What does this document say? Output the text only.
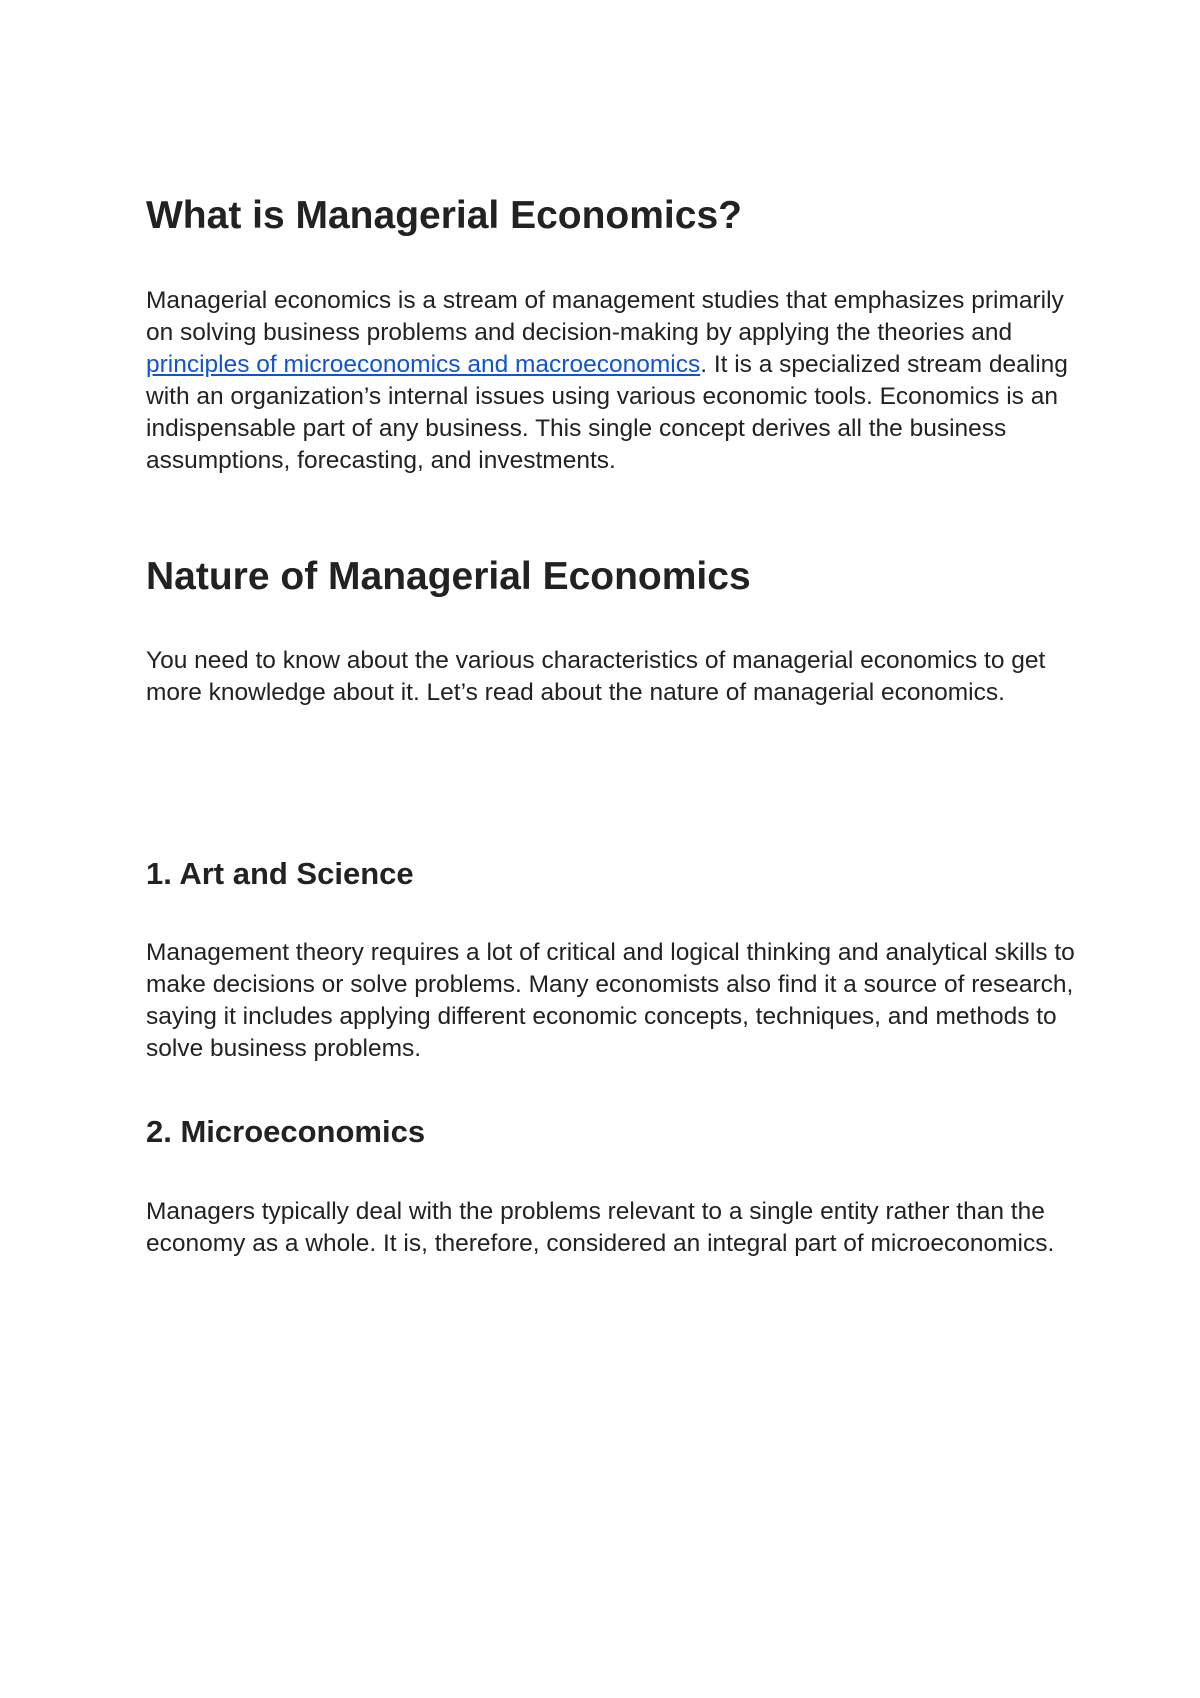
What is Managerial Economics?

Managerial economics is a stream of management studies that emphasizes primarily on solving business problems and decision-making by applying the theories and principles of microeconomics and macroeconomics. It is a specialized stream dealing with an organization’s internal issues using various economic tools. Economics is an indispensable part of any business. This single concept derives all the business assumptions, forecasting, and investments.

Nature of Managerial Economics

You need to know about the various characteristics of managerial economics to get more knowledge about it. Let’s read about the nature of managerial economics.

1. Art and Science

Management theory requires a lot of critical and logical thinking and analytical skills to make decisions or solve problems. Many economists also find it a source of research, saying it includes applying different economic concepts, techniques, and methods to solve business problems.

2. Microeconomics

Managers typically deal with the problems relevant to a single entity rather than the economy as a whole. It is, therefore, considered an integral part of microeconomics.
